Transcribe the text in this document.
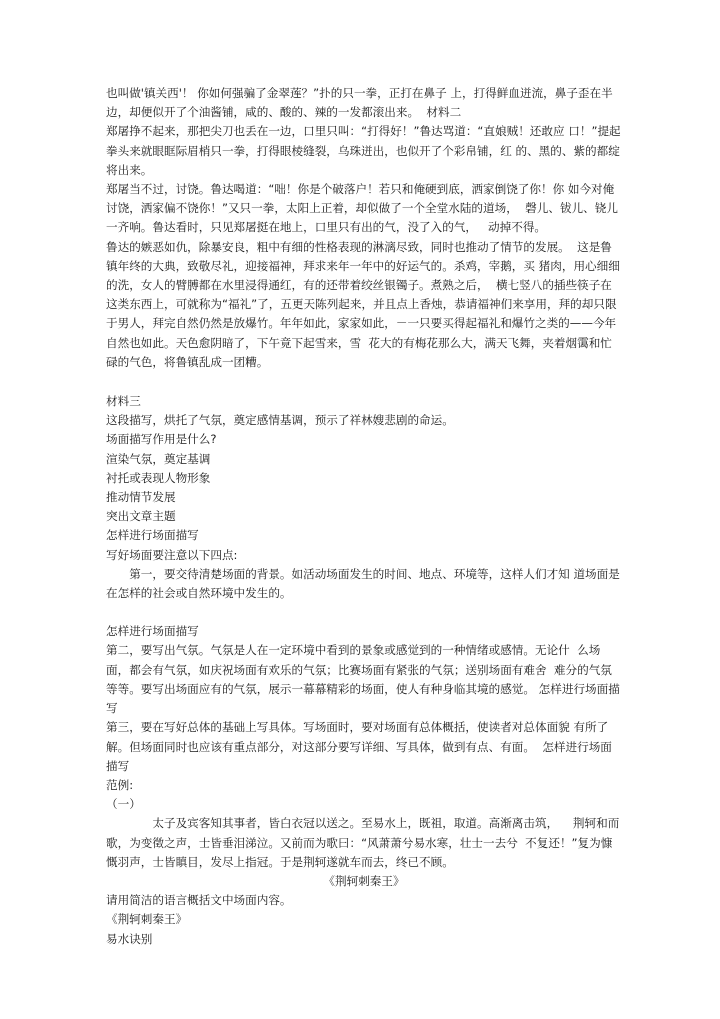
也叫做'镇关西'！ 你如何强骗了金翠莲？”扑的只一拳，正打在鼻子 上，打得鲜血迸流，鼻子歪在半边，却便似开了个油酱铺，咸的、酸的、辣的一发都滚出来。  材料二

郑屠挣不起来，那把尖刀也丢在一边，口里只叫：“打得好！”鲁达骂道：“直娘贼！还敢应 口！”提起拳头来就眼眶际眉梢只一拳，打得眼棱缝裂，乌珠迸出，也似开了个彩帛铺，红 的、黑的、紫的都绽将出来。

郑屠当不过，讨饶。鲁达喝道：“咄！你是个破落户！若只和俺硬到底，洒家倒饶了你！你 如今对俺讨饶，洒家偏不饶你！”又只一拳，太阳上正着，却似做了一个全堂水陆的道场，  磬儿、钹儿、铙儿一齐响。鲁达看时，只见郑屠挺在地上，口里只有出的气，没了入的气，   动掉不得。

鲁达的嫉恶如仇，除暴安良，粗中有细的性格表现的淋漓尽致，同时也推动了情节的发展。  这是鲁镇年终的大典，致敬尽礼，迎接福神，拜求来年一年中的好运气的。杀鸡，宰鹅，买 猪肉，用心细细的洗，女人的臂膊都在水里浸得通红，有的还带着绞丝银镯子。煮熟之后，  横七竖八的插些筷子在这类东西上，可就称为“福礼”了，五更天陈列起来，并且点上香烛，恭请福神们来享用，拜的却只限于男人，拜完自然仍然是放爆竹。年年如此，家家如此，－一只要买得起福礼和爆竹之类的——今年自然也如此。天色愈阴暗了，下午竟下起雪来，雪  花大的有梅花那么大，满天飞舞，夹着烟霭和忙碌的气色，将鲁镇乱成一团糟。

材料三

这段描写，烘托了气氛，奠定感情基调，预示了祥林嫂悲剧的命运。

场面描写作用是什么?

渲染气氛，奠定基调

衬托或表现人物形象

推动情节发展

突出文章主题

怎样进行场面描写

写好场面要注意以下四点:

第一，要交待清楚场面的背景。如活动场面发生的时间、地点、环境等，这样人们才知 道场面是在怎样的社会或自然环境中发生的。

怎样进行场面描写

第二，要写出气氛。气氛是人在一定环境中看到的景象或感觉到的一种情绪或感情。无论什  么场面，都会有气氛，如庆祝场面有欢乐的气氛；比赛场面有紧张的气氛；送别场面有难舍  难分的气氛等等。要写出场面应有的气氛，展示一幕幕精彩的场面，使人有种身临其境的感觉。 怎样进行场面描写

第三，要在写好总体的基础上写具体。写场面时，要对场面有总体概括，使读者对总体面貌 有所了解。但场面同时也应该有重点部分，对这部分要写详细、写具体，做到有点、有面。  怎样进行场面描写

范例:

（一）

太子及宾客知其事者，皆白衣冠以送之。至易水上，既祖，取道。高渐离击筑，    荆轲和而歌，为变徵之声，士皆垂泪涕泣。又前而为歌曰：“风萧萧兮易水寒，壮士一去兮  不复还！”复为慷慨羽声，士皆瞋目，发尽上指冠。于是荆轲遂就车而去，终已不顾。

《荆轲刺秦王》

请用简洁的语言概括文中场面内容。

《荆轲刺秦王》

易水诀别
